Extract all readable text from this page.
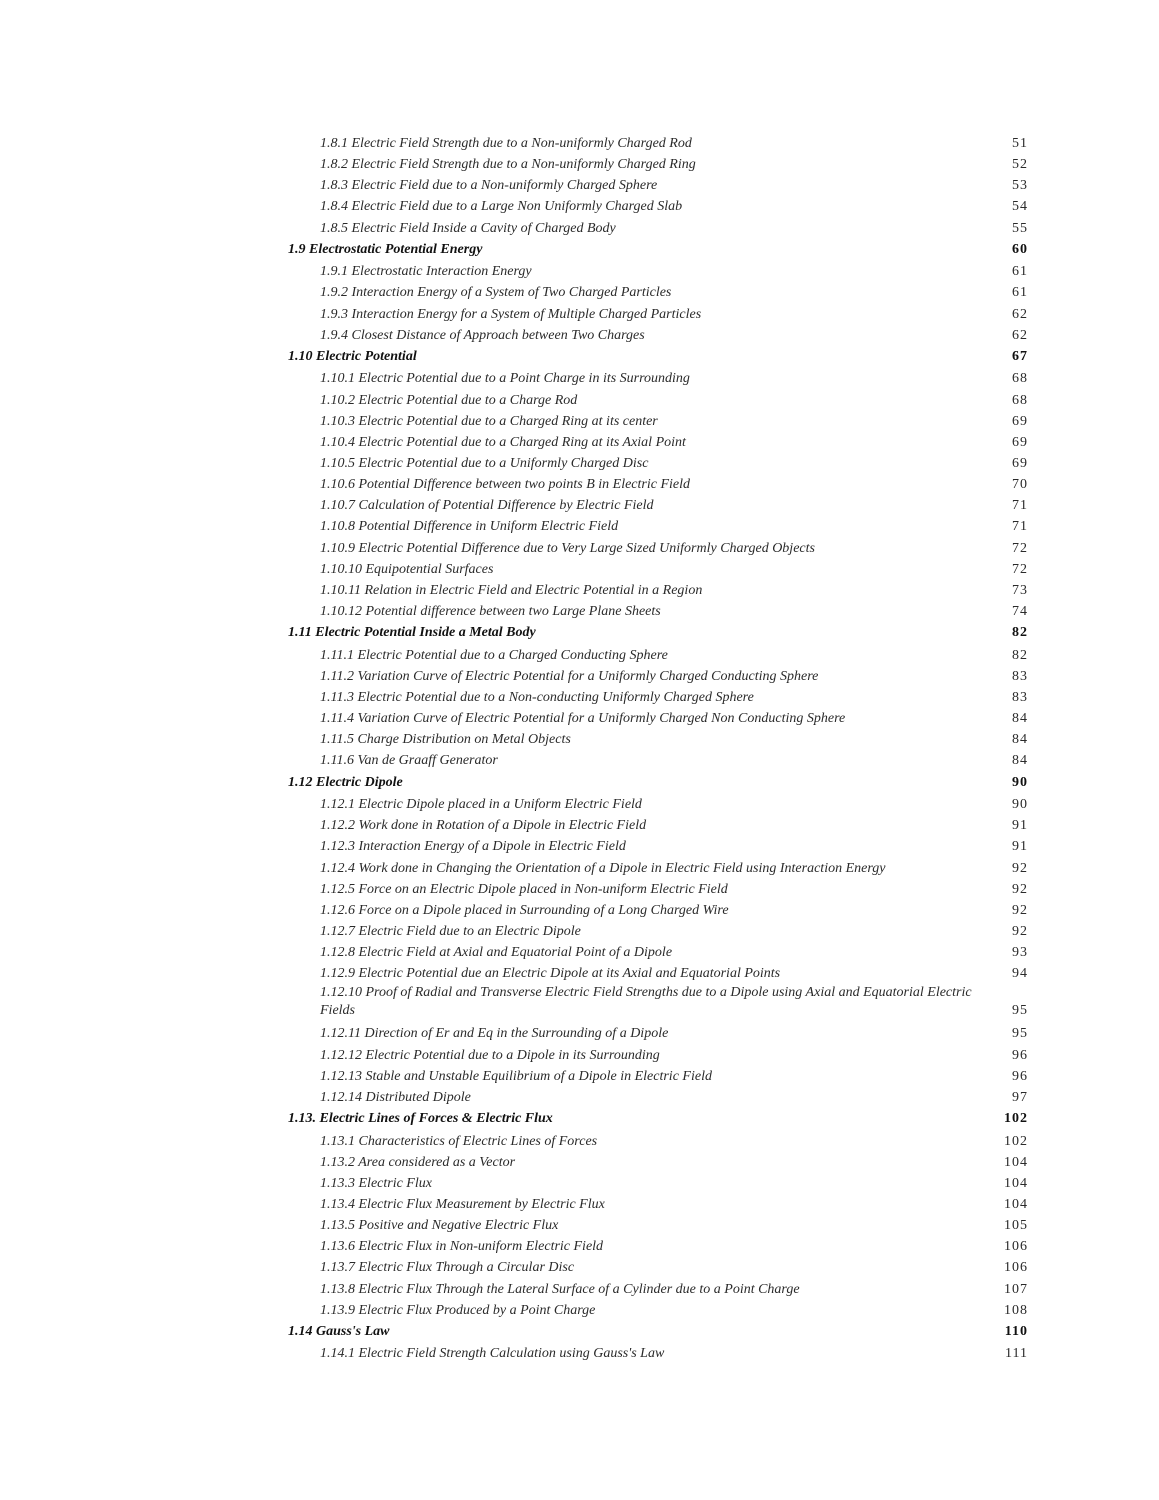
1.8.1 Electric Field Strength due to a Non-uniformly Charged Rod	51
1.8.2 Electric Field Strength due to a Non-uniformly Charged Ring	52
1.8.3 Electric Field due to a Non-uniformly Charged Sphere	53
1.8.4 Electric Field due to a Large Non Uniformly Charged Slab	54
1.8.5 Electric Field Inside a Cavity of Charged Body	55
1.9 Electrostatic Potential Energy	60
1.9.1 Electrostatic Interaction Energy	61
1.9.2 Interaction Energy of a System of Two Charged Particles	61
1.9.3 Interaction Energy for a System of Multiple Charged Particles	62
1.9.4 Closest Distance of Approach between Two Charges	62
1.10 Electric Potential	67
1.10.1 Electric Potential due to a Point Charge in its Surrounding	68
1.10.2 Electric Potential due to a Charge Rod	68
1.10.3 Electric Potential due to a Charged Ring at its center	69
1.10.4 Electric Potential due to a Charged Ring at its Axial Point	69
1.10.5 Electric Potential due to a Uniformly Charged Disc	69
1.10.6 Potential Difference between two points B in Electric Field	70
1.10.7 Calculation of Potential Difference by Electric Field	71
1.10.8 Potential Difference in Uniform Electric Field	71
1.10.9 Electric Potential Difference due to Very Large Sized Uniformly Charged Objects	72
1.10.10 Equipotential Surfaces	72
1.10.11 Relation in Electric Field and Electric Potential in a Region	73
1.10.12 Potential difference between two Large Plane Sheets	74
1.11 Electric Potential Inside a Metal Body	82
1.11.1 Electric Potential due to a Charged Conducting Sphere	82
1.11.2 Variation Curve of Electric Potential for a Uniformly Charged Conducting Sphere	83
1.11.3 Electric Potential due to a Non-conducting Uniformly Charged Sphere	83
1.11.4 Variation Curve of Electric Potential for a Uniformly Charged Non Conducting Sphere	84
1.11.5 Charge Distribution on Metal Objects	84
1.11.6 Van de Graaff Generator	84
1.12 Electric Dipole	90
1.12.1 Electric Dipole placed in a Uniform Electric Field	90
1.12.2 Work done in Rotation of a Dipole in Electric Field	91
1.12.3 Interaction Energy of a Dipole in Electric Field	91
1.12.4 Work done in Changing the Orientation of a Dipole in Electric Field using Interaction Energy	92
1.12.5 Force on an Electric Dipole placed in Non-uniform Electric Field	92
1.12.6 Force on a Dipole placed in Surrounding of a Long Charged Wire	92
1.12.7 Electric Field due to an Electric Dipole	92
1.12.8 Electric Field at Axial and Equatorial Point of a Dipole	93
1.12.9 Electric Potential due an Electric Dipole at its Axial and Equatorial Points	94
1.12.10 Proof of Radial and Transverse Electric Field Strengths due to a Dipole using Axial and Equatorial Electric Fields	95
1.12.11 Direction of Er and Eq in the Surrounding of a Dipole	95
1.12.12 Electric Potential due to a Dipole in its Surrounding	96
1.12.13 Stable and Unstable Equilibrium of a Dipole in Electric Field	96
1.12.14 Distributed Dipole	97
1.13. Electric Lines of Forces & Electric Flux	102
1.13.1 Characteristics of Electric Lines of Forces	102
1.13.2 Area considered as a Vector	104
1.13.3 Electric Flux	104
1.13.4 Electric Flux Measurement by Electric Flux	104
1.13.5 Positive and Negative Electric Flux	105
1.13.6 Electric Flux in Non-uniform Electric Field	106
1.13.7 Electric Flux Through a Circular Disc	106
1.13.8 Electric Flux Through the Lateral Surface of a Cylinder due to a Point Charge	107
1.13.9 Electric Flux Produced by a Point Charge	108
1.14 Gauss's Law	110
1.14.1 Electric Field Strength Calculation using Gauss's Law	111
